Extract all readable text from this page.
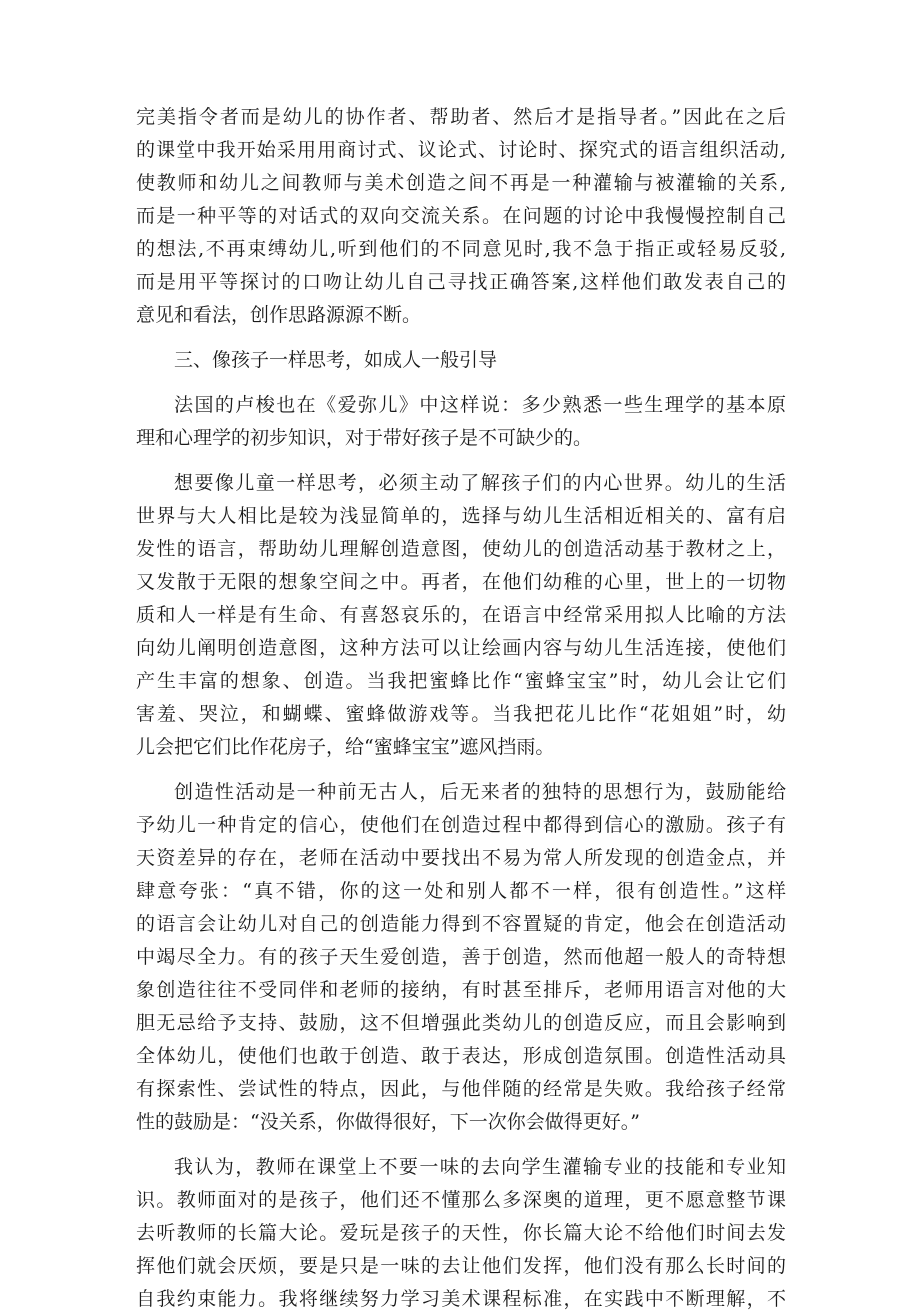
完美指令者而是幼儿的协作者、帮助者、然后才是指导者。”因此在之后
的课堂中我开始采用用商讨式、议论式、讨论时、探究式的语言组织活动,
使教师和幼儿之间教师与美术创造之间不再是一种灌输与被灌输的关系,
而是一种平等的对话式的双向交流关系。在问题的讨论中我慢慢控制自己
的想法,不再束缚幼儿,听到他们的不同意见时,我不急于指正或轻易反驳,
而是用平等探讨的口吻让幼儿自己寻找正确答案,这样他们敢发表自己的
意见和看法，创作思路源源不断。
三、像孩子一样思考，如成人一般引导
法国的卢梭也在《爱弥儿》中这样说：多少熟悉一些生理学的基本原
理和心理学的初步知识，对于带好孩子是不可缺少的。
想要像儿童一样思考，必须主动了解孩子们的内心世界。幼儿的生活
世界与大人相比是较为浅显简单的，选择与幼儿生活相近相关的、富有启
发性的语言，帮助幼儿理解创造意图，使幼儿的创造活动基于教材之上，
又发散于无限的想象空间之中。再者，在他们幼稚的心里，世上的一切物
质和人一样是有生命、有喜怒哀乐的，在语言中经常采用拟人比喻的方法
向幼儿阐明创造意图，这种方法可以让绘画内容与幼儿生活连接，使他们
产生丰富的想象、创造。当我把蜜蜂比作“蜜蜂宝宝”时，幼儿会让它们
害羞、哭泣，和蝴蝶、蜜蜂做游戏等。当我把花儿比作“花姐姐”时，幼
儿会把它们比作花房子，给“蜜蜂宝宝”遮风挡雨。
创造性活动是一种前无古人，后无来者的独特的思想行为，鼓励能给
予幼儿一种肯定的信心，使他们在创造过程中都得到信心的激励。孩子有
天资差异的存在，老师在活动中要找出不易为常人所发现的创造金点，并
肆意夸张：“真不错，你的这一处和别人都不一样，很有创造性。”这样
的语言会让幼儿对自己的创造能力得到不容置疑的肯定，他会在创造活动
中竭尽全力。有的孩子天生爱创造，善于创造，然而他超一般人的奇特想
象创造往往不受同伴和老师的接纳，有时甚至排斥，老师用语言对他的大
胆无忌给予支持、鼓励，这不但增强此类幼儿的创造反应，而且会影响到
全体幼儿，使他们也敢于创造、敢于表达，形成创造氛围。创造性活动具
有探索性、尝试性的特点，因此，与他伴随的经常是失败。我给孩子经常
性的鼓励是：“没关系，你做得很好，下一次你会做得更好。”
我认为，教师在课堂上不要一味的去向学生灌输专业的技能和专业知
识。教师面对的是孩子，他们还不懂那么多深奥的道理，更不愿意整节课
去听教师的长篇大论。爱玩是孩子的天性，你长篇大论不给他们时间去发
挥他们就会厌烦，要是只是一味的去让他们发挥，他们没有那么长时间的
自我约束能力。我将继续努力学习美术课程标准，在实践中不断理解，不
